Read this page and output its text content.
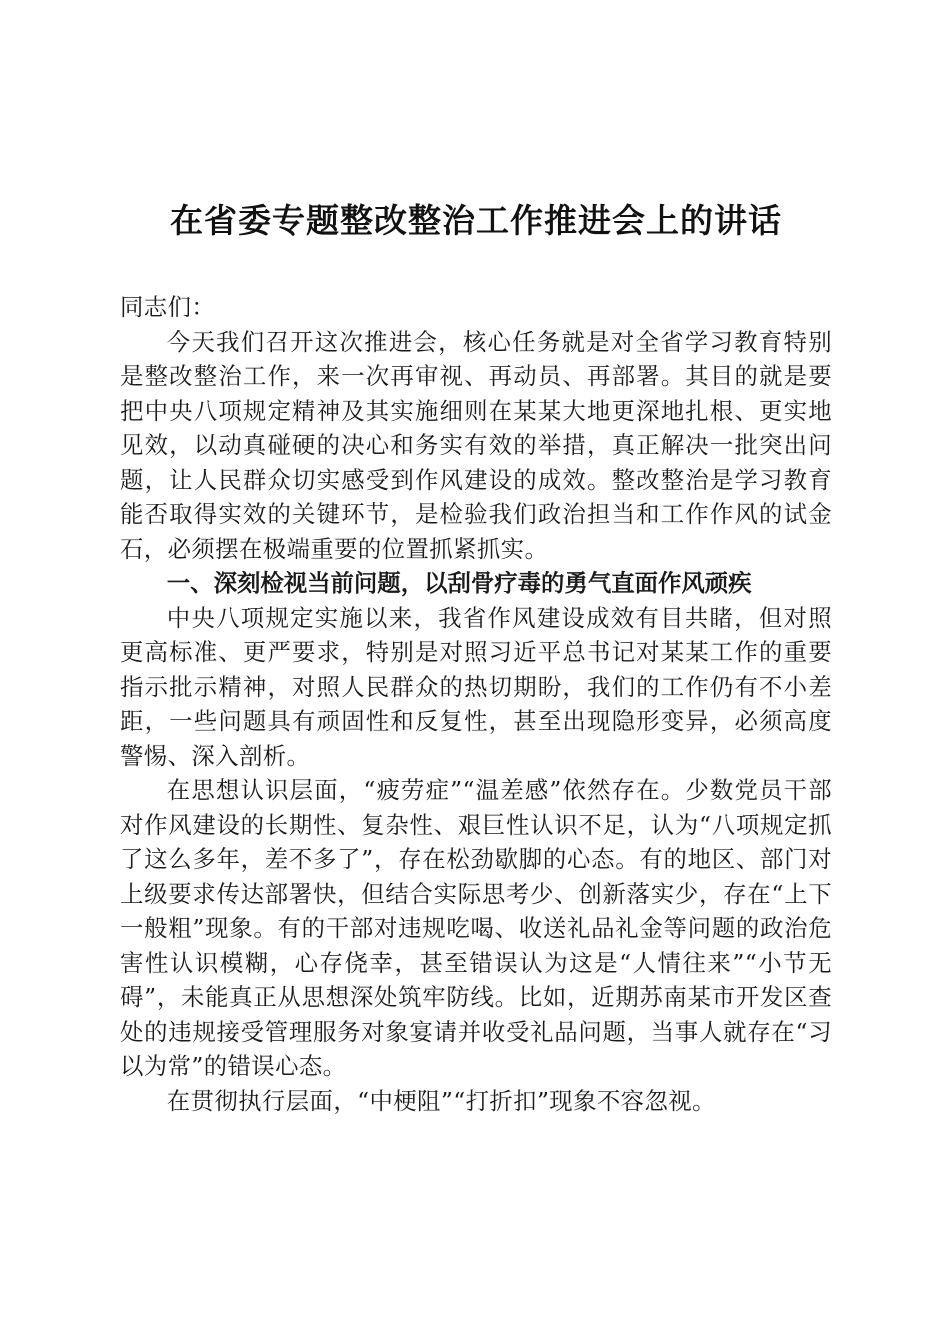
在省委专题整改整治工作推进会上的讲话

同志们：

今天我们召开这次推进会，核心任务就是对全省学习教育特别是整改整治工作，来一次再审视、再动员、再部署。其目的就是要把中央八项规定精神及其实施细则在某某大地更深地扎根、更实地见效，以动真碰硬的决心和务实有效的举措，真正解决一批突出问题，让人民群众切实感受到作风建设的成效。整改整治是学习教育能否取得实效的关键环节，是检验我们政治担当和工作作风的试金石，必须摆在极端重要的位置抓紧抓实。

一、深刻检视当前问题，以刮骨疗毒的勇气直面作风顽疾

中央八项规定实施以来，我省作风建设成效有目共睹，但对照更高标准、更严要求，特别是对照习近平总书记对某某工作的重要指示批示精神，对照人民群众的热切期盼，我们的工作仍有不小差距，一些问题具有顽固性和反复性，甚至出现隐形变异，必须高度警惕、深入剖析。

在思想认识层面，“疲劳症”“温差感”依然存在。少数党员干部对作风建设的长期性、复杂性、艰巨性认识不足，认为“八项规定抓了这么多年，差不多了”，存在松劲歇脚的心态。有的地区、部门对上级要求传达部署快，但结合实际思考少、创新落实少，存在“上下一般粗”现象。有的干部对违规吃喝、收送礼品礼金等问题的政治危害性认识模糊，心存侥幸，甚至错误认为这是“人情往来”“小节无碍”，未能真正从思想深处筑牢防线。比如，近期苏南某市开发区查处的违规接受管理服务对象宴请并收受礼品问题，当事人就存在“习以为常”的错误心态。

在贯彻执行层面，“中梗阻”“打折扣”现象不容忽视。
